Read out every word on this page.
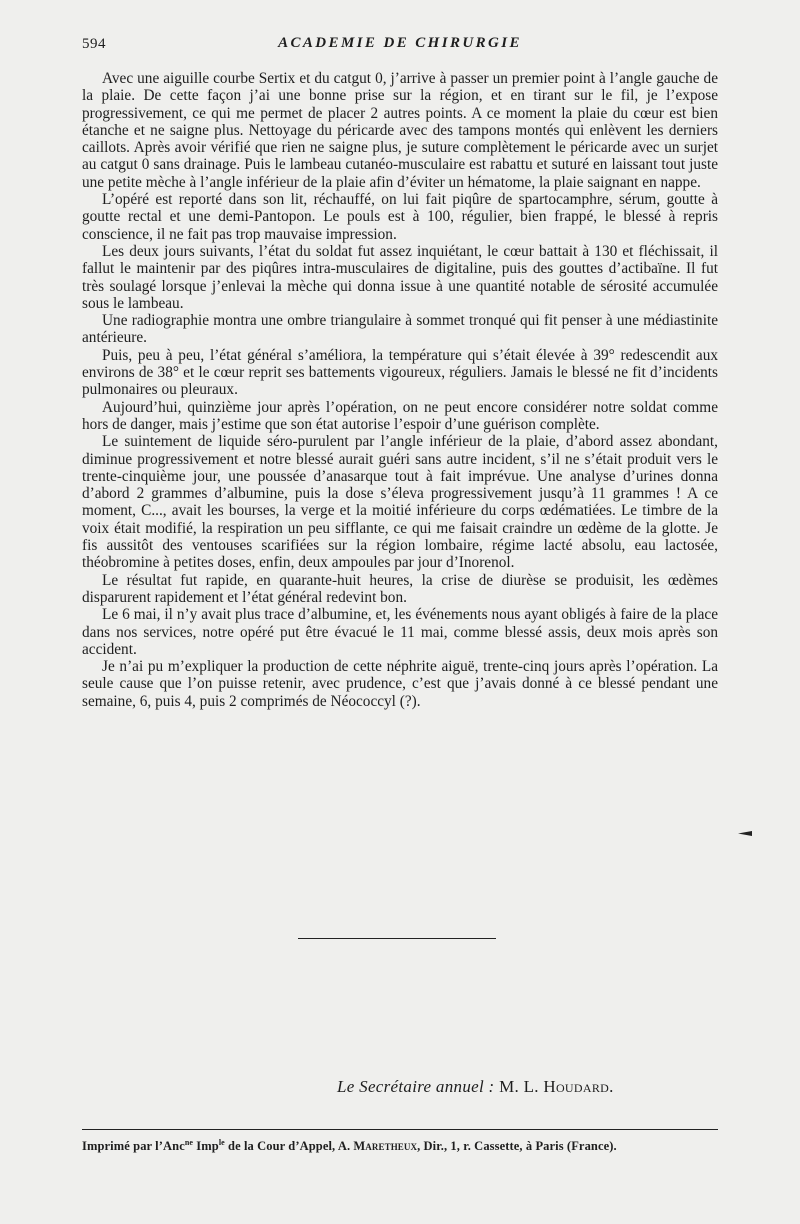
594	ACADEMIE DE CHIRURGIE

Avec une aiguille courbe Sertix et du catgut 0, j’arrive à passer un premier point à l’angle gauche de la plaie. De cette façon j’ai une bonne prise sur la région, et en tirant sur le fil, je l’expose progressivement, ce qui me permet de placer 2 autres points. A ce moment la plaie du cœur est bien étanche et ne saigne plus. Nettoyage du péricarde avec des tampons montés qui enlèvent les derniers caillots. Après avoir vérifié que rien ne saigne plus, je suture complètement le péricarde avec un surjet au catgut 0 sans drainage. Puis le lambeau cutanéo-musculaire est rabattu et suturé en laissant tout juste une petite mèche à l’angle inférieur de la plaie afin d’éviter un hématome, la plaie saignant en nappe.

L’opéré est reporté dans son lit, réchauffé, on lui fait piqûre de spartocamphre, sérum, goutte à goutte rectal et une demi-Pantopon. Le pouls est à 100, régulier, bien frappé, le blessé à repris conscience, il ne fait pas trop mauvaise impression.

Les deux jours suivants, l’état du soldat fut assez inquiétant, le cœur battait à 130 et fléchissait, il fallut le maintenir par des piqûres intra-musculaires de digitaline, puis des gouttes d’actibaïne. Il fut très soulagé lorsque j’enlevai la mèche qui donna issue à une quantité notable de sérosité accumulée sous le lambeau.

Une radiographie montra une ombre triangulaire à sommet tronqué qui fit penser à une médiastinite antérieure.

Puis, peu à peu, l’état général s’améliora, la température qui s’était élevée à 39° redescendit aux environs de 38° et le cœur reprit ses battements vigoureux, réguliers. Jamais le blessé ne fit d’incidents pulmonaires ou pleuraux.

Aujourd’hui, quinzième jour après l’opération, on ne peut encore considérer notre soldat comme hors de danger, mais j’estime que son état autorise l’espoir d’une guérison complète.

Le suintement de liquide séro-purulent par l’angle inférieur de la plaie, d’abord assez abondant, diminue progressivement et notre blessé aurait guéri sans autre incident, s’il ne s’était produit vers le trente-cinquième jour, une poussée d’anasarque tout à fait imprévue. Une analyse d’urines donna d’abord 2 grammes d’albumine, puis la dose s’éleva progressivement jusqu’à 11 grammes ! A ce moment, C..., avait les bourses, la verge et la moitié inférieure du corps œdématiées. Le timbre de la voix était modifié, la respiration un peu sifflante, ce qui me faisait craindre un œdème de la glotte. Je fis aussitôt des ventouses scarifiées sur la région lombaire, régime lacté absolu, eau lactosée, théobromine à petites doses, enfin, deux ampoules par jour d’Inorenol.

Le résultat fut rapide, en quarante-huit heures, la crise de diurèse se produisit, les œdèmes disparurent rapidement et l’état général redevint bon.

Le 6 mai, il n’y avait plus trace d’albumine, et, les événements nous ayant obligés à faire de la place dans nos services, notre opéré put être évacué le 11 mai, comme blessé assis, deux mois après son accident.

Je n’ai pu m’expliquer la production de cette néphrite aiguë, trente-cinq jours après l’opération. La seule cause que l’on puisse retenir, avec prudence, c’est que j’avais donné à ce blessé pendant une semaine, 6, puis 4, puis 2 comprimés de Néococcyl (?).

Le Secrétaire annuel : M. L. Houdard.
Imprimé par l’Anc$^{ne}$ Imp$^{le}$ de la Cour d’Appel, A. Maretheux, Dir., 1, r. Cassette, à Paris (France).
